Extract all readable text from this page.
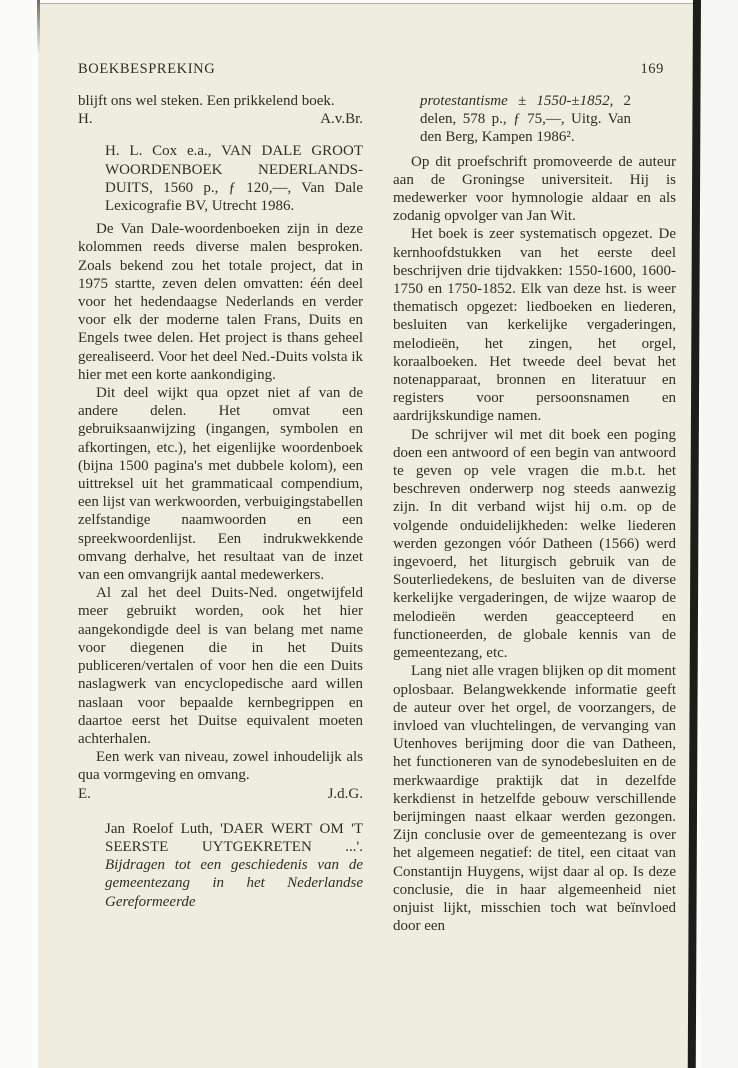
BOEKBESPREKING	169

blijft ons wel steken. Een prikkelend boek.

H.	A.v.Br.

H. L. Cox e.a., VAN DALE GROOT WOORDENBOEK NEDERLANDS-DUITS, 1560 p., ƒ 120,—, Van Dale Lexicografie BV, Utrecht 1986.

De Van Dale-woordenboeken zijn in deze kolommen reeds diverse malen besproken. Zoals bekend zou het totale project, dat in 1975 startte, zeven delen omvatten: één deel voor het hedendaagse Nederlands en verder voor elk der moderne talen Frans, Duits en Engels twee delen. Het project is thans geheel gerealiseerd. Voor het deel Ned.-Duits volsta ik hier met een korte aankondiging.

Dit deel wijkt qua opzet niet af van de andere delen. Het omvat een gebruiksaanwijzing (ingangen, symbolen en afkortingen, etc.), het eigenlijke woordenboek (bijna 1500 pagina's met dubbele kolom), een uittreksel uit het grammaticaal compendium, een lijst van werkwoorden, verbuigingstabellen zelfstandige naamwoorden en een spreekwoordenlijst. Een indrukwekkende omvang derhalve, het resultaat van de inzet van een omvangrijk aantal medewerkers.

Al zal het deel Duits-Ned. ongetwijfeld meer gebruikt worden, ook het hier aangekondigde deel is van belang met name voor diegenen die in het Duits publiceren/vertalen of voor hen die een Duits naslagwerk van encyclopedische aard willen naslaan voor bepaalde kernbegrippen en daartoe eerst het Duitse equivalent moeten achterhalen.

Een werk van niveau, zowel inhoudelijk als qua vormgeving en omvang.

E.	J.d.G.

Jan Roelof Luth, 'DAER WERT OM 'T SEERSTE UYTGEKRETEN ...'. Bijdragen tot een geschiedenis van de gemeentezang in het Nederlandse Gereformeerde

protestantisme ± 1550-±1852, 2 delen, 578 p., ƒ 75,—, Uitg. Van den Berg, Kampen 1986².

Op dit proefschrift promoveerde de auteur aan de Groningse universiteit. Hij is medewerker voor hymnologie aldaar en als zodanig opvolger van Jan Wit.

Het boek is zeer systematisch opgezet. De kernhoofdstukken van het eerste deel beschrijven drie tijdvakken: 1550-1600, 1600-1750 en 1750-1852. Elk van deze hst. is weer thematisch opgezet: liedboeken en liederen, besluiten van kerkelijke vergaderingen, melodieën, het zingen, het orgel, koraalboeken. Het tweede deel bevat het notenapparaat, bronnen en literatuur en registers voor persoonsnamen en aardrijkskundige namen.

De schrijver wil met dit boek een poging doen een antwoord of een begin van antwoord te geven op vele vragen die m.b.t. het beschreven onderwerp nog steeds aanwezig zijn. In dit verband wijst hij o.m. op de volgende onduidelijkheden: welke liederen werden gezongen vóór Datheen (1566) werd ingevoerd, het liturgisch gebruik van de Souterliedekens, de besluiten van de diverse kerkelijke vergaderingen, de wijze waarop de melodieën werden geaccepteerd en functioneerden, de globale kennis van de gemeentezang, etc.

Lang niet alle vragen blijken op dit moment oplosbaar. Belangwekkende informatie geeft de auteur over het orgel, de voorzangers, de invloed van vluchtelingen, de vervanging van Utenhoves berijming door die van Datheen, het functioneren van de synodebesluiten en de merkwaardige praktijk dat in dezelfde kerkdienst in hetzelfde gebouw verschillende berijmingen naast elkaar werden gezongen. Zijn conclusie over de gemeentezang is over het algemeen negatief: de titel, een citaat van Constantijn Huygens, wijst daar al op. Is deze conclusie, die in haar algemeenheid niet onjuist lijkt, misschien toch wat beïnvloed door een
